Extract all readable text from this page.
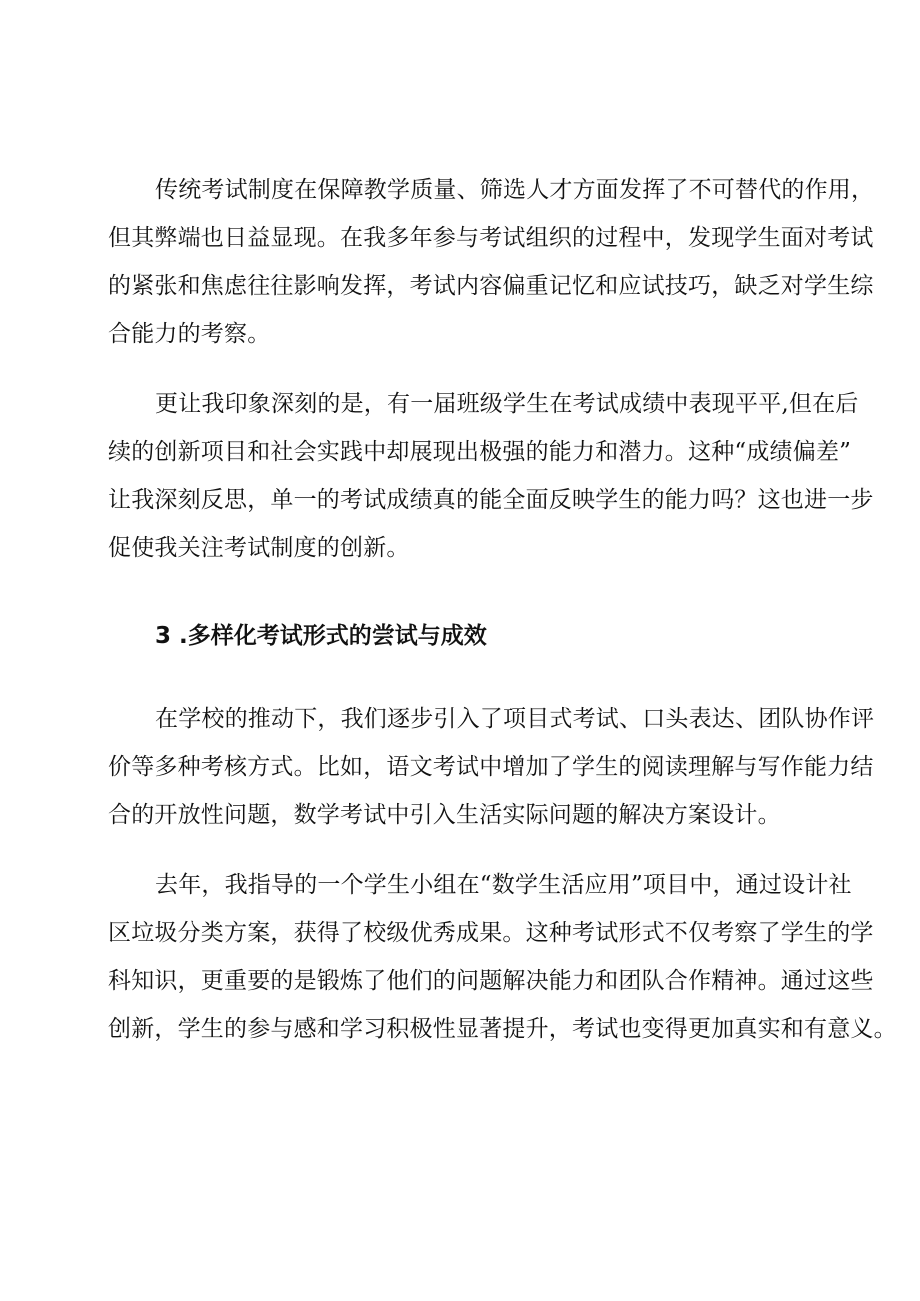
传统考试制度在保障教学质量、筛选人才方面发挥了不可替代的作用，

但其弊端也日益显现。在我多年参与考试组织的过程中，发现学生面对考试

的紧张和焦虑往往影响发挥，考试内容偏重记忆和应试技巧，缺乏对学生综

合能力的考察。

更让我印象深刻的是，有一届班级学生在考试成绩中表现平平,但在后

续的创新项目和社会实践中却展现出极强的能力和潜力。这种“成绩偏差”

让我深刻反思，单一的考试成绩真的能全面反映学生的能力吗？这也进一步

促使我关注考试制度的创新。

3 .多样化考试形式的尝试与成效

在学校的推动下，我们逐步引入了项目式考试、口头表达、团队协作评

价等多种考核方式。比如，语文考试中增加了学生的阅读理解与写作能力结

合的开放性问题，数学考试中引入生活实际问题的解决方案设计。

去年，我指导的一个学生小组在“数学生活应用”项目中，通过设计社

区垃圾分类方案，获得了校级优秀成果。这种考试形式不仅考察了学生的学

科知识，更重要的是锻炼了他们的问题解决能力和团队合作精神。通过这些

创新，学生的参与感和学习积极性显著提升，考试也变得更加真实和有意义。
